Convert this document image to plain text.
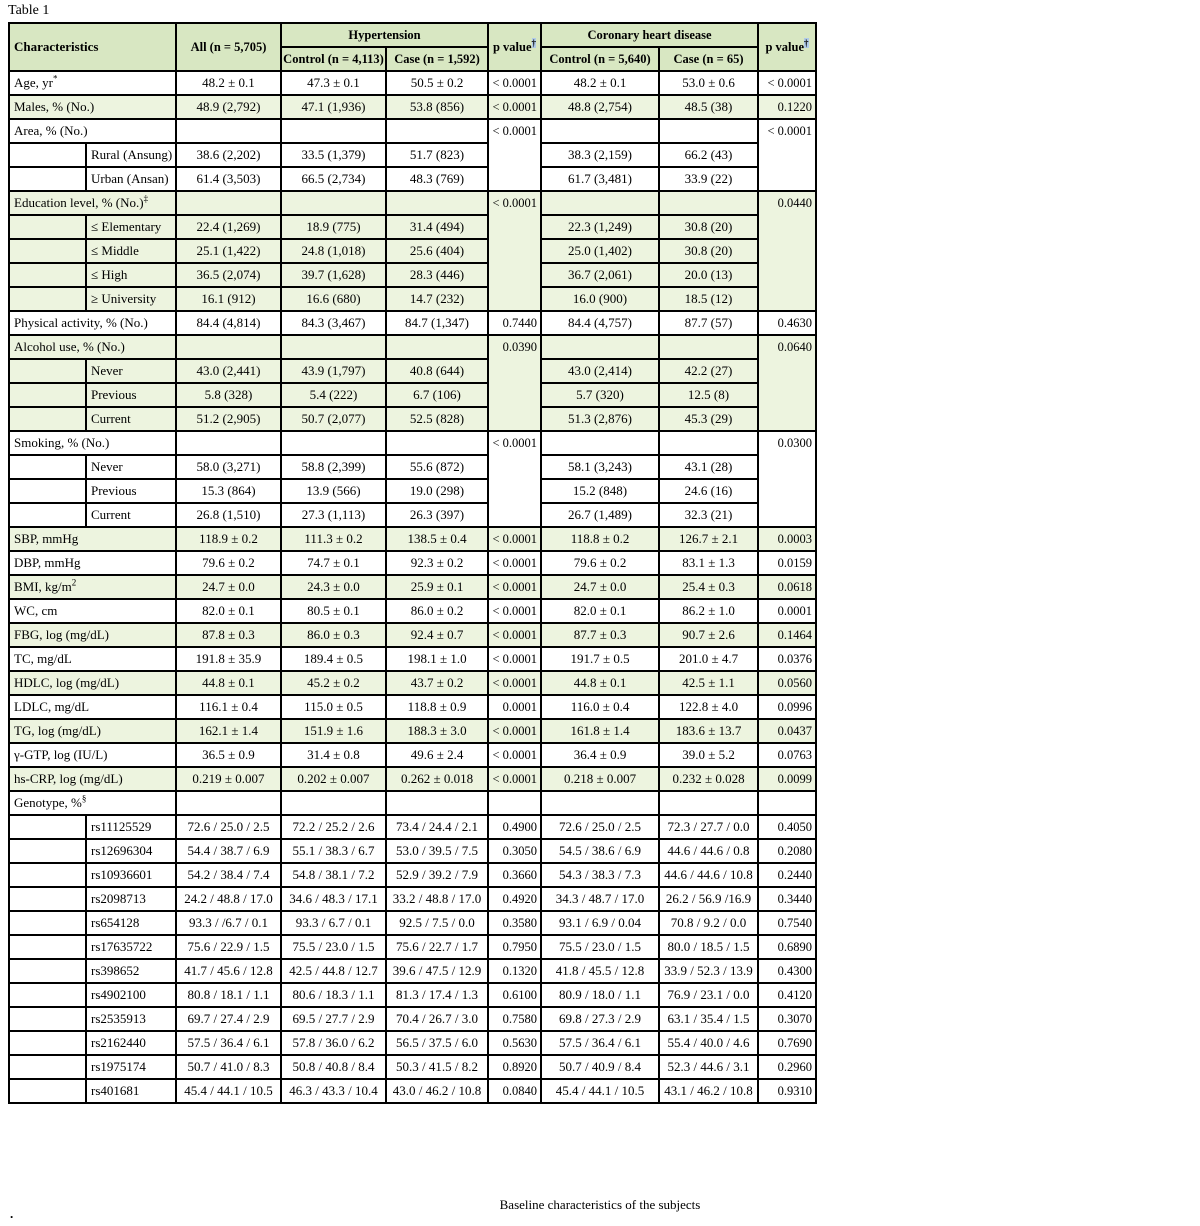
Table 1
Characteristics		All (n = 5,705)	Hypertension		p value†	Coronary heart disease		p value†
			Control (n = 4,113)	Case (n = 1,592)		Control (n = 5,640)	Case (n = 65)	
Age, yr*		48.2 ± 0.1	47.3 ± 0.1	50.5 ± 0.2	< 0.0001	48.2 ± 0.1	53.0 ± 0.6	< 0.0001
Males, % (No.)		48.9 (2,792)	47.1 (1,936)	53.8 (856)	< 0.0001	48.8 (2,754)	48.5 (38)	0.1220
Area, % (No.)					< 0.0001			< 0.0001
	Rural (Ansung)	38.6 (2,202)	33.5 (1,379)	51.7 (823)		38.3 (2,159)	66.2 (43)	
	Urban (Ansan)	61.4 (3,503)	66.5 (2,734)	48.3 (769)		61.7 (3,481)	33.9 (22)	
Education level, % (No.)‡					< 0.0001			0.0440
	≤ Elementary	22.4 (1,269)	18.9 (775)	31.4 (494)		22.3 (1,249)	30.8 (20)	
	≤ Middle	25.1 (1,422)	24.8 (1,018)	25.6 (404)		25.0 (1,402)	30.8 (20)	
	≤ High	36.5 (2,074)	39.7 (1,628)	28.3 (446)		36.7 (2,061)	20.0 (13)	
	≥ University	16.1 (912)	16.6 (680)	14.7 (232)		16.0 (900)	18.5 (12)	
Physical activity, % (No.)		84.4 (4,814)	84.3 (3,467)	84.7 (1,347)	0.7440	84.4 (4,757)	87.7 (57)	0.4630
Alcohol use, % (No.)					0.0390			0.0640
	Never	43.0 (2,441)	43.9 (1,797)	40.8 (644)		43.0 (2,414)	42.2 (27)	
	Previous	5.8 (328)	5.4 (222)	6.7 (106)		5.7 (320)	12.5 (8)	
	Current	51.2 (2,905)	50.7 (2,077)	52.5 (828)		51.3 (2,876)	45.3 (29)	
Smoking, % (No.)					< 0.0001			0.0300
	Never	58.0 (3,271)	58.8 (2,399)	55.6 (872)		58.1 (3,243)	43.1 (28)	
	Previous	15.3 (864)	13.9 (566)	19.0 (298)		15.2 (848)	24.6 (16)	
	Current	26.8 (1,510)	27.3 (1,113)	26.3 (397)		26.7 (1,489)	32.3 (21)	
SBP, mmHg		118.9 ± 0.2	111.3 ± 0.2	138.5 ± 0.4	< 0.0001	118.8 ± 0.2	126.7 ± 2.1	0.0003
DBP, mmHg		79.6 ± 0.2	74.7 ± 0.1	92.3 ± 0.2	< 0.0001	79.6 ± 0.2	83.1 ± 1.3	0.0159
BMI, $kg/m^2$		24.7 ± 0.0	24.3 ± 0.0	25.9 ± 0.1	< 0.0001	24.7 ± 0.0	25.4 ± 0.3	0.0618
WC, cm		82.0 ± 0.1	80.5 ± 0.1	86.0 ± 0.2	< 0.0001	82.0 ± 0.1	86.2 ± 1.0	0.0001
FBG, log (mg/dL)		87.8 ± 0.3	86.0 ± 0.3	92.4 ± 0.7	< 0.0001	87.7 ± 0.3	90.7 ± 2.6	0.1464
TC, mg/dL		191.8 ± 35.9	189.4 ± 0.5	198.1 ± 1.0	< 0.0001	191.7 ± 0.5	201.0 ± 4.7	0.0376
HDLC, log (mg/dL)		44.8 ± 0.1	45.2 ± 0.2	43.7 ± 0.2	< 0.0001	44.8 ± 0.1	42.5 ± 1.1	0.0560
LDLC, mg/dL		116.1 ± 0.4	115.0 ± 0.5	118.8 ± 0.9	0.0001	116.0 ± 0.4	122.8 ± 4.0	0.0996
TG, log (mg/dL)		162.1 ± 1.4	151.9 ± 1.6	188.3 ± 3.0	< 0.0001	161.8 ± 1.4	183.6 ± 13.7	0.0437
γ-GTP, log (IU/L)		36.5 ± 0.9	31.4 ± 0.8	49.6 ± 2.4	< 0.0001	36.4 ± 0.9	39.0 ± 5.2	0.0763
hs-CRP, log (mg/dL)		0.219 ± 0.007	0.202 ± 0.007	0.262 ± 0.018	< 0.0001	0.218 ± 0.007	0.232 ± 0.028	0.0099
Genotype, %§							
	rs11125529	72.6 / 25.0 / 2.5	72.2 / 25.2 / 2.6	73.4 / 24.4 / 2.1	0.4900	72.6 / 25.0 / 2.5	72.3 / 27.7 / 0.0	0.4050
	rs12696304	54.4 / 38.7 / 6.9	55.1 / 38.3 / 6.7	53.0 / 39.5 / 7.5	0.3050	54.5 / 38.6 / 6.9	44.6 / 44.6 / 0.8	0.2080
	rs10936601	54.2 / 38.4 / 7.4	54.8 / 38.1 / 7.2	52.9 / 39.2 / 7.9	0.3660	54.3 / 38.3 / 7.3	44.6 / 44.6 / 10.8	0.2440
	rs2098713	24.2 / 48.8 / 17.0	34.6 / 48.3 / 17.1	33.2 / 48.8 / 17.0	0.4920	34.3 / 48.7 / 17.0	26.2 / 56.9 /16.9	0.3440
	rs654128	93.3 / /6.7 / 0.1	93.3 / 6.7 / 0.1	92.5 / 7.5 / 0.0	0.3580	93.1 / 6.9 / 0.04	70.8 / 9.2 / 0.0	0.7540
	rs17635722	75.6 / 22.9 / 1.5	75.5 / 23.0 / 1.5	75.6 / 22.7 / 1.7	0.7950	75.5 / 23.0 / 1.5	80.0 / 18.5 / 1.5	0.6890
	rs398652	41.7 / 45.6 / 12.8	42.5 / 44.8 / 12.7	39.6 / 47.5 / 12.9	0.1320	41.8 / 45.5 / 12.8	33.9 / 52.3 / 13.9	0.4300
	rs4902100	80.8 / 18.1 / 1.1	80.6 / 18.3 / 1.1	81.3 / 17.4 / 1.3	0.6100	80.9 / 18.0 / 1.1	76.9 / 23.1 / 0.0	0.4120
	rs2535913	69.7 / 27.4 / 2.9	69.5 / 27.7 / 2.9	70.4 / 26.7 / 3.0	0.7580	69.8 / 27.3 / 2.9	63.1 / 35.4 / 1.5	0.3070
	rs2162440	57.5 / 36.4 / 6.1	57.8 / 36.0 / 6.2	56.5 / 37.5 / 6.0	0.5630	57.5 / 36.4 / 6.1	55.4 / 40.0 / 4.6	0.7690
	rs1975174	50.7 / 41.0 / 8.3	50.8 / 40.8 / 8.4	50.3 / 41.5 / 8.2	0.8920	50.7 / 40.9 / 8.4	52.3 / 44.6 / 3.1	0.2960
	rs401681	45.4 / 44.1 / 10.5	46.3 / 43.3 / 10.4	43.0 / 46.2 / 10.8	0.0840	45.4 / 44.1 / 10.5	43.1 / 46.2 / 10.8	0.9310
Baseline characteristics of the subjects
.
